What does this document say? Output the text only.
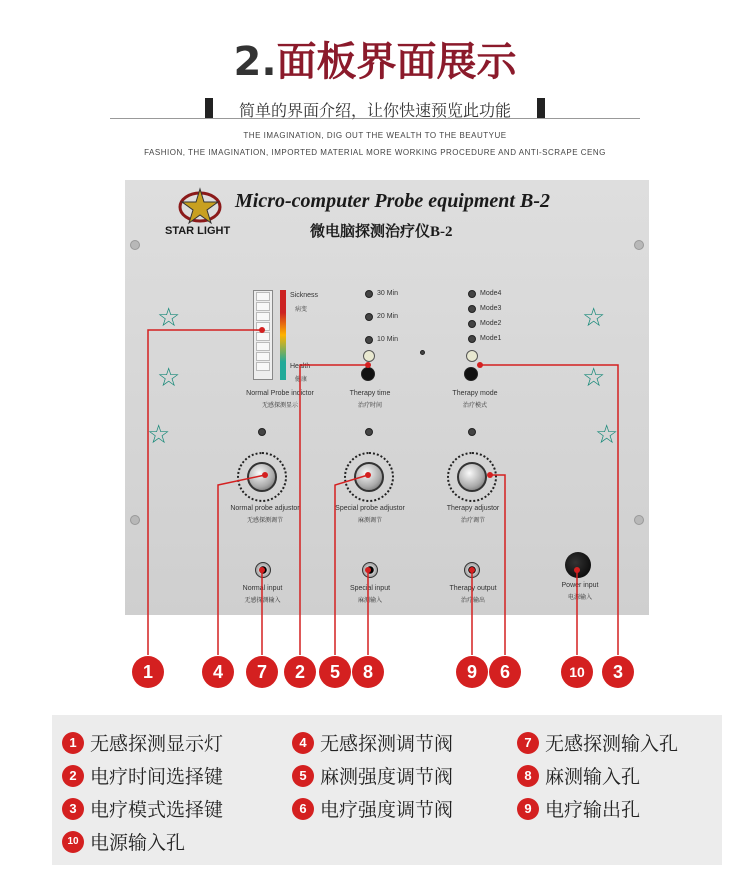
2.面板界面展示
简单的界面介绍，让你快速预览此功能
THE IMAGINATION, DIG OUT THE WEALTH TO THE BEAUTYUE
FASHION, THE IMAGINATION, IMPORTED MATERIAL MORE WORKING PROCEDURE AND ANTI-SCRAPE CENG
STAR LIGHT
Micro-computer Probe equipment B-2
微电脑探测治疗仪B-2
☆
☆
☆
☆
☆
☆
Sickness
病变
Health
健康
Normal Probe indictor
无感探测显示
30 Min
20 Min
10 Min
Therapy time
治疗时间
Mode4
Mode3
Mode2
Mode1
Therapy mode
治疗模式
Normal probe adjustor
无感探测调节
Special probe adjustor
麻测调节
Therapy adjustor
治疗调节
Normal input
无感探测输入
Special input
麻测输入
Therapy output
治疗输出
Power input
电源输入
1	4	7	2	5	8	9	6	10	3
1 无感探测显示灯	4 无感探测调节阀	7 无感探测输入孔
2 电疗时间选择键	5 麻测强度调节阀	8 麻测输入孔
3 电疗模式选择键	6 电疗强度调节阀	9 电疗输出孔
10 电源输入孔
